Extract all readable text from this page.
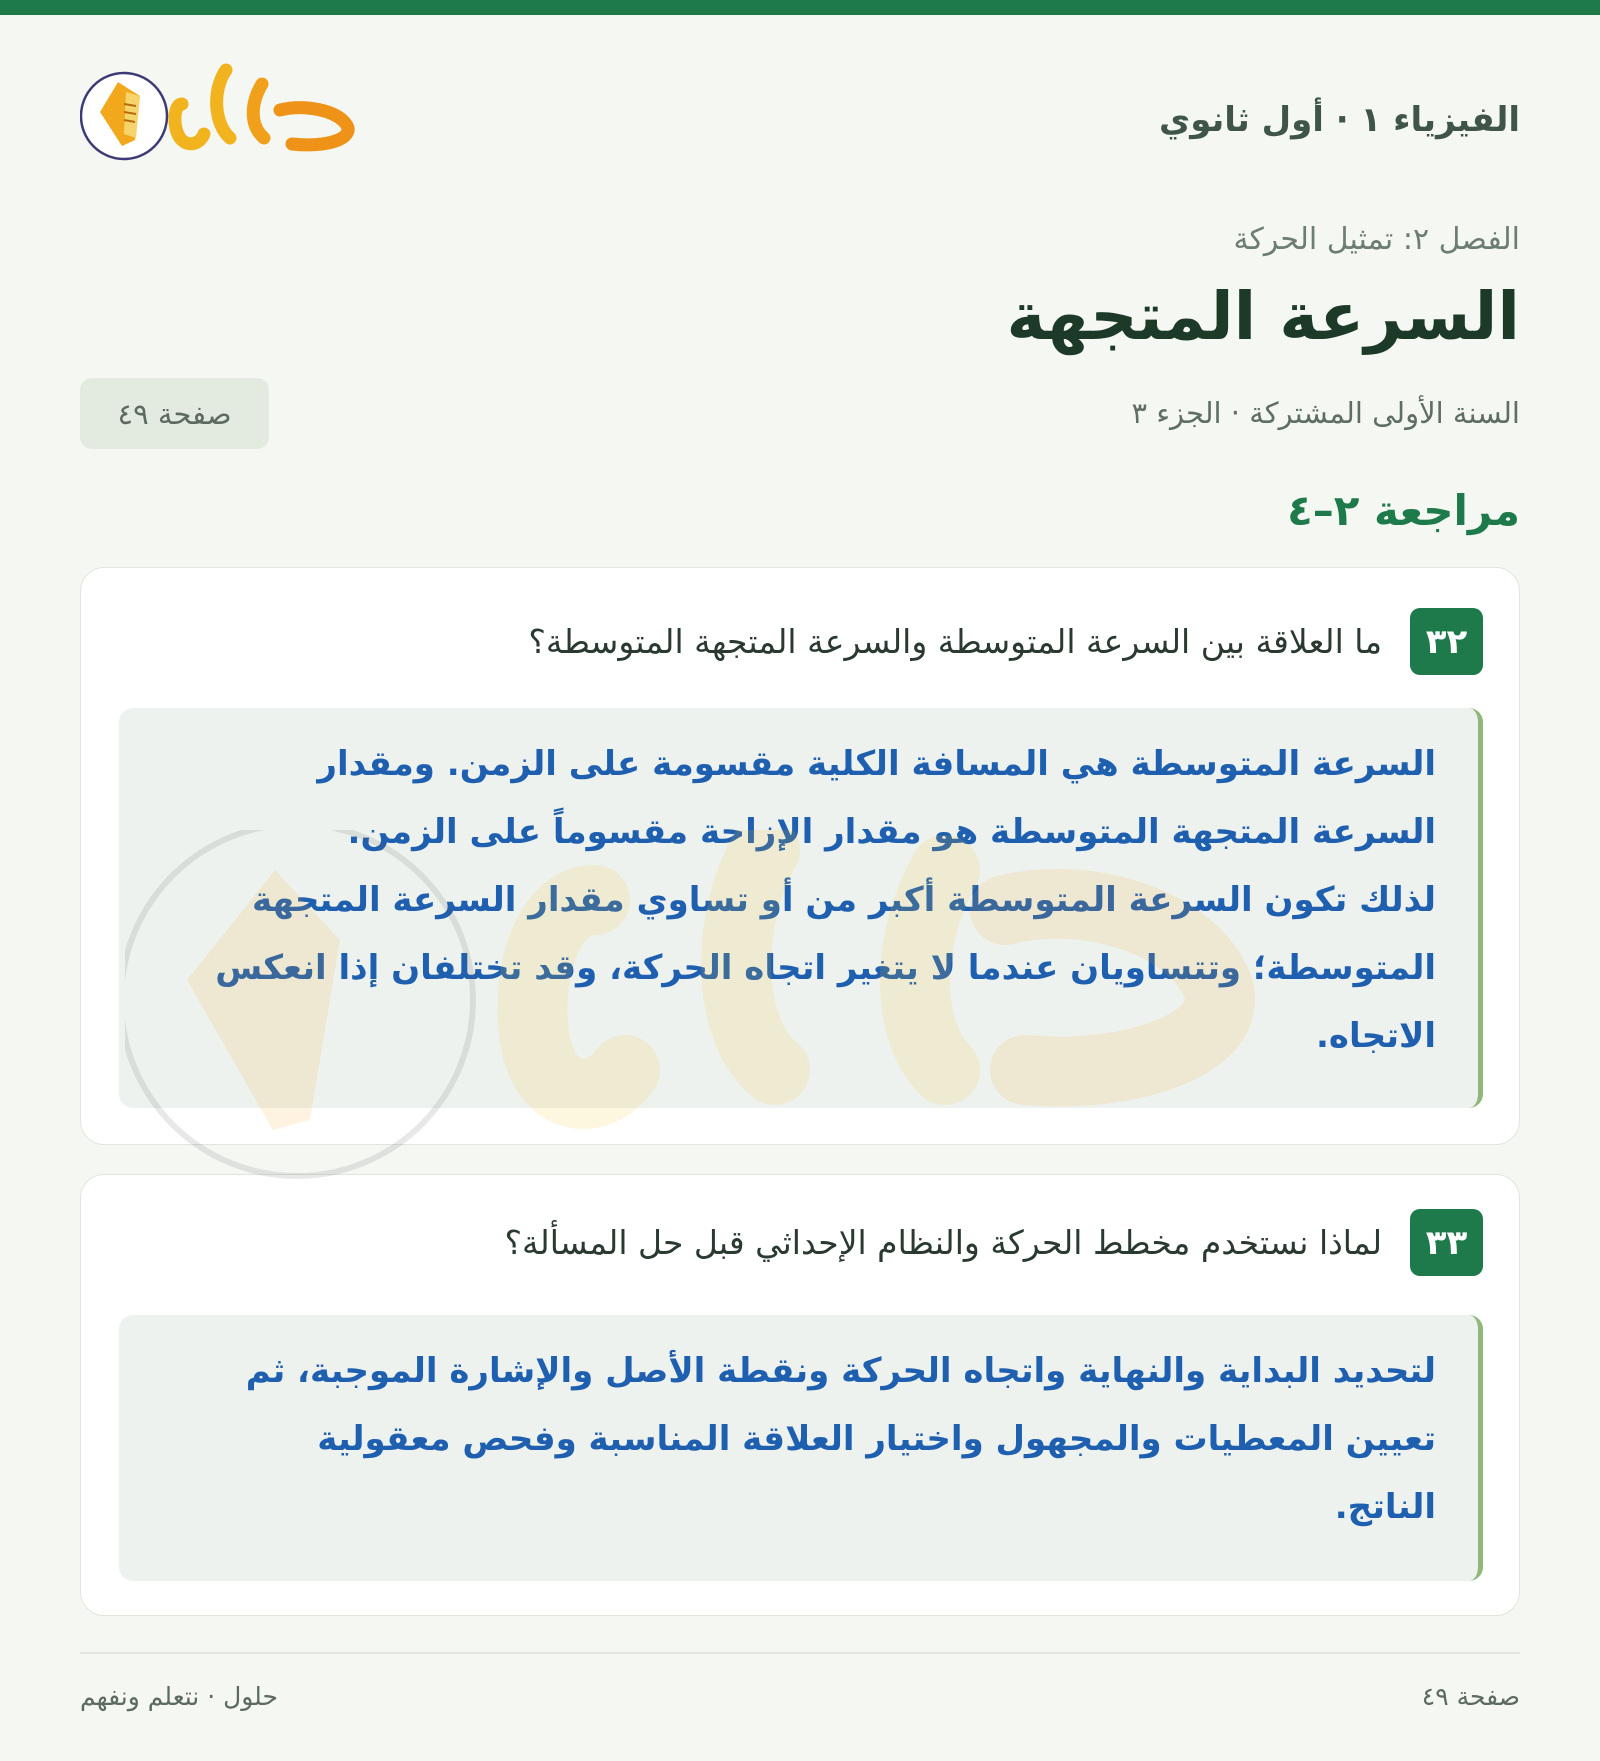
الفيزياء ١ · أول ثانوي
الفصل ٢: تمثيل الحركة
السرعة المتجهة
السنة الأولى المشتركة · الجزء ٣
صفحة ٤٩
مراجعة ٢–٤
٣٢
ما العلاقة بين السرعة المتوسطة والسرعة المتجهة المتوسطة؟

السرعة المتوسطة هي المسافة الكلية مقسومة على الزمن. ومقدار

السرعة المتجهة المتوسطة هو مقدار الإزاحة مقسوماً على الزمن.

لذلك تكون السرعة المتوسطة أكبر من أو تساوي مقدار السرعة المتجهة

المتوسطة؛ وتتساويان عندما لا يتغير اتجاه الحركة، وقد تختلفان إذا انعكس

الاتجاه.

٣٣
لماذا نستخدم مخطط الحركة والنظام الإحداثي قبل حل المسألة؟

لتحديد البداية والنهاية واتجاه الحركة ونقطة الأصل والإشارة الموجبة، ثم

تعيين المعطيات والمجهول واختيار العلاقة المناسبة وفحص معقولية

الناتج.

حلول · نتعلم ونفهم	صفحة ٤٩
